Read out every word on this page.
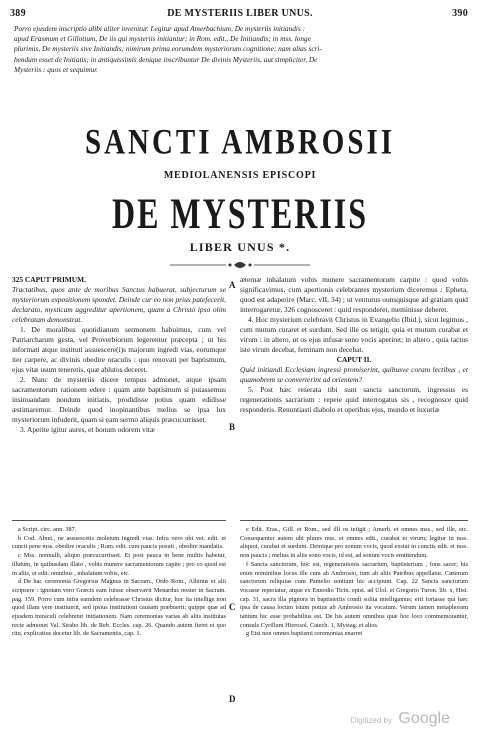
389	DE MYSTERIIS LIBER UNUS.	390
Porro ejusdem inscriptio alibi aliter invenitur. Legitur apud Amerbachium, De mysteriis initiandis :
apud Erasmum et Gillotium, De iis qui mysteriis initiantur; in Rom. edit., De Initiandis; in mss. longe
plurimis, De mysteriis sive Initiandis; nimirum prima eorumdem mysteriorum cognitione; nam alias scri-
bendum esset de Initiatis; in antiquissimis denique inscribuntur De divinis Mysteriis, aut simpliciter, De
Mysteriis : quos et sequimur.
SANCTI AMBROSII
MEDIOLANENSIS EPISCOPI
DE MYSTERIIS
LIBER UNUS *.

325 CAPUT PRIMUM.

Tractatibus, quos ante de moribus Sanctus habuerat, subjecturum se mysteriorum expositionem spondet. Deinde cur eo non prius patefecerit, declarato, mysticam aggreditur apertionem, quam a Christo ipso olim celebratam demonstrat.

1. De moralibus quotidianum sermonem habuimus, cum vel Patriarcharum gesta, vel Proverbiorum legerentur præcepta ; ut his informati atque instituti assuescere(i)s majorum ingredi vias, eorumque iter carpere, ac divinis obedire oraculis : quo renovati per baptismum, ejus vitæ usum teneretis, quæ ablutos deceret.

2. Nunc de mysteriis dicere tempus admonet, atque ipsam sacramentorum rationem edere : quam ante baptismum si putassemus insinuandam nondum initiatis, prodidisse potius quam edidisse æstimaremur. Deinde quod inopinantibus melius se ipsa lux mysteriorum infuderit, quam si eam sermo aliquis præcucurrisset.

3. Aperite igitur aures, et bonum odorem vitæ

æternæ inhalatum vobis munere sacramentorum carpite : quod vobis significavimus, cum apertionis celebrantes mysterium diceremus : Epheta, quod est adaperire (Marc. vII, 34) ; ut venturus ounsquisque ad gratiam quid interrogaretur, 326 cognosceret : quid responderet, meminisse deberet.

4. Hoc mysterium celebravit Christus in Evangelio (Ibid.), sicut legimus , cum mutum curaret et surdum. Sed ille os tetigit; quia et mutum curabat et virum : in altero, ut os ejus infusæ sono vocis aperiret; in altero , quia tactus iste virum decebat, feminam non decebat.

CAPUT II.

Quid initiandi Ecclesiam ingressi promiserint, quibusve coram lectibus , et quamobrem se converterint ad orientem?

5. Post hæc reserata tibi sunt sancta sanctorum, ingressus es regenerationis sacrarium : repete quid interrogatus sis , recognosce quid responderis. Renuntiasti diabolo et operibus ejus, mundo et luxuriæ

A
B
C
D

a Script. circ. ann. 387.

b Cod. Alnet., ne assuescetis moletum ingredi vias. Infra vero ubi vet. edit. et cuncti pene mss. obedire oraculis ; Rom. edit. cum paucis posuit , obedire mandatis.

c Mss. nonnulli, aliquo præcucurrisset. Et post pauca in bene multis habetur, illutum, in quibusdam illato , vobis munere sacramentorum capite ; pro co quod est in aliis, et edit. omnibus , inhalatum vobis, etc.

d De hac ceremonia Gregorius Magnus in Sacram., Ordo Rom., Albinus et alii scripsere : ignotam vero Græcis eam fuisse observavit Menardus noster in Sacram. pag. 159. Porro cum infra eamdem celebrasse Christus dicitur, hoc ita intellige non quod illam vere instituerit, sed ipsius institutioni causam præbuerit; quippe quæ ad ejusdem miraculi celebretur initiationem. Nam ceremonias varias ab aliis institutas recte admonet Val. Strabo lib. de Reb. Eccles. cap. 26. Quando autem fieret et quo ritu, explicatius docetur lib. de Sacramentis, cap. 1.

e Edit. Eras., Gill. et Rom., sed illi os tetigit ; Amerb. et omnes mss., sed ille, etc. Consequenter autem ubi plures mss. et omnes edit., curabat et virum; legitur in mss. aliquot, curabat et surdum. Deinique pro sonum vocis, quod exstat in cunctis edit. et mss. non paucis ; melius in aliis sono vocis, id est, ad sonum vocis emittendum.

f Sancta sanctorum, hoc est, regenerationis sacrarium, baptisterium , fons sacer; his enim nominibus locus ille cum ab Ambrosio, tum ab aliis Patribus appellatur. Cæterum sanctorum reliquias cum Pamelio sentiunt hic accipiunt. Cap. 22 Sancta sanctorum vocasse reperiatur, atque ex Ennodio Ticin. epist. ad Ulol. et Gregorio Turon. lib. x, Hist. cap. 31, sacra illa pignora in baptisteriis condi solita intelligamus; erit fortasse qui hæc ipsa de causa locum istum potius ab Ambrosio ita vocatum. Verum tamen metaphoram tantum hic esse probabilius est. De his autem omnibus quæ hoc loco commemorantur, consule Cyrillum Hierosol. Catech. 1, Mystag. et alios.

g Etsi non omnes baptismi ceremonias enarret

Digitized by Google
